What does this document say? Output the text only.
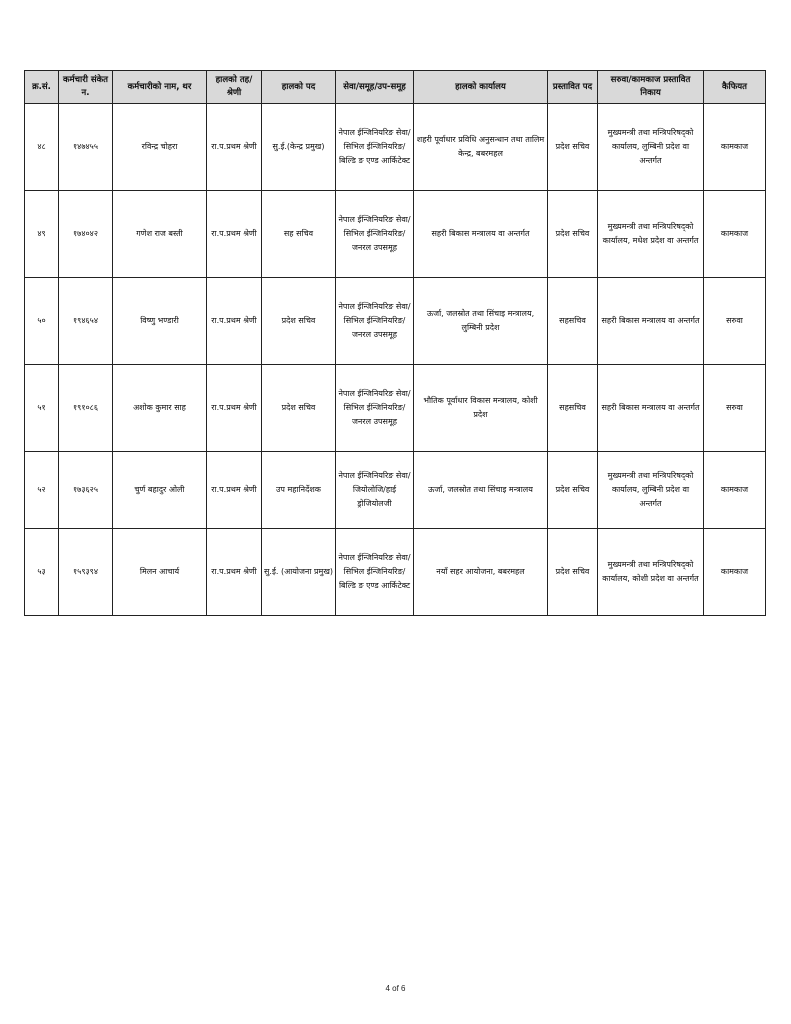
क्र.सं.	कर्मचारी संकेत न.	कर्मचारीको नाम, थर	हालको तह/श्रेणी	हालको पद	सेवा/समूह/उप-समूह	हालको कार्यालय	प्रस्तावित पद	सरुवा/कामकाज प्रस्तावित निकाय	कैफियत
४८	१४७४५५	रविन्द्र चोहरा	रा.प.प्रथम श्रेणी	सु.ई.(केन्द्र प्रमुख)	नेपाल ईन्जिनियरिङ सेवा/सिभिल ईन्जिनियरिङ/बिल्डि ङ एण्ड आर्किटेक्ट	शहरी पूर्वाधार प्रविधि अनुसन्धान तथा तालिम केन्द्र, बबरमहल	प्रदेश सचिव	मुख्यमन्त्री तथा मन्त्रिपरिषद्को कार्यालय, लुम्बिनी प्रदेश वा अन्तर्गत	कामकाज
४९	१७४०४२	गणेश राज बस्ती	रा.प.प्रथम श्रेणी	सह सचिव	नेपाल ईन्जिनियरिङ सेवा/सिभिल ईन्जिनियरिङ/जनरल उपसमूह	सहरी बिकास मन्त्रालय वा अन्तर्गत	प्रदेश सचिव	मुख्यमन्त्री तथा मन्त्रिपरिषद्को कार्यालय, मधेश प्रदेश वा अन्तर्गत	कामकाज
५०	१९४६५४	विष्णु भण्डारी	रा.प.प्रथम श्रेणी	प्रदेश सचिव	नेपाल ईन्जिनियरिङ सेवा/सिभिल ईन्जिनियरिङ/जनरल उपसमूह	ऊर्जा, जलस्रोत तथा सिंचाइ मन्त्रालय, लुम्बिनी प्रदेश	सहसचिव	सहरी बिकास मन्त्रालय वा अन्तर्गत	सरुवा
५१	१९१०८६	अशोक कुमार साह	रा.प.प्रथम श्रेणी	प्रदेश सचिव	नेपाल ईन्जिनियरिङ सेवा/सिभिल ईन्जिनियरिङ/जनरल उपसमूह	भौतिक पूर्वाधार विकास मन्त्रालय, कोशी प्रदेश	सहसचिव	सहरी बिकास मन्त्रालय वा अन्तर्गत	सरुवा
५२	१७३६२५	चुर्ण बहादुर ओली	रा.प.प्रथम श्रेणी	उप महानिर्देशक	नेपाल ईन्जिनियरिङ सेवा/जियोलोजि/हाई ड्रोजियोलजी	ऊर्जा, जलस्रोत तथा सिंचाइ मन्त्रालय	प्रदेश सचिव	मुख्यमन्त्री तथा मन्त्रिपरिषद्को कार्यालय, लुम्बिनी प्रदेश वा अन्तर्गत	कामकाज
५३	१५९३९४	मिलन आचार्य	रा.प.प्रथम श्रेणी	सु.ई. (आयोजना प्रमुख)	नेपाल ईन्जिनियरिङ सेवा/सिभिल ईन्जिनियरिङ/बिल्डि ङ एण्ड आर्किटेक्ट	नयाँ सहर आयोजना, बबरमहल	प्रदेश सचिव	मुख्यमन्त्री तथा मन्त्रिपरिषद्को कार्यालय, कोशी प्रदेश वा अन्तर्गत	कामकाज
4 of 6
